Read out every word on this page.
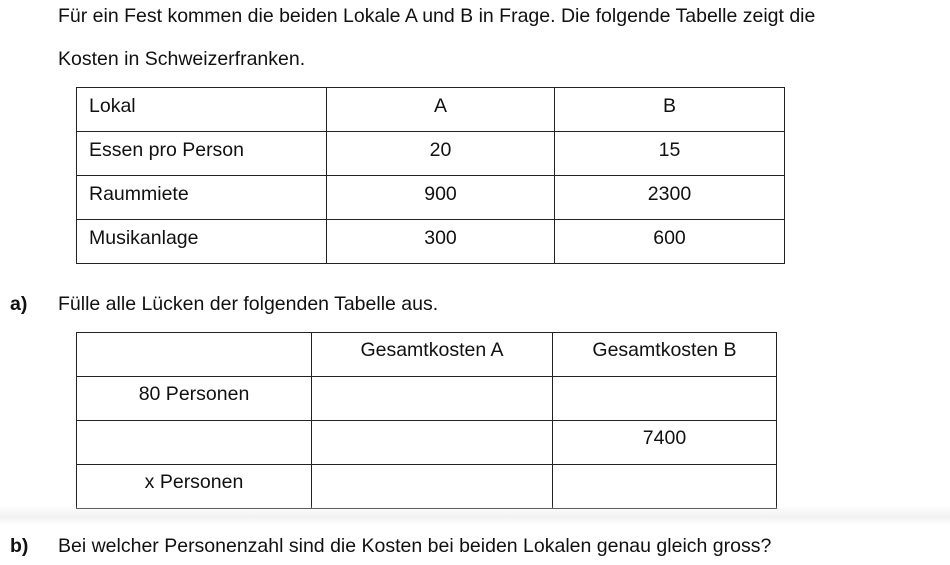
Für ein Fest kommen die beiden Lokale A und B in Frage. Die folgende Tabelle zeigt die
Kosten in Schweizerfranken.
Lokal	A	B
Essen pro Person	20	15
Raummiete	900	2300
Musikanlage	300	600
a) Fülle alle Lücken der folgenden Tabelle aus.
	Gesamtkosten A	Gesamtkosten B
80 Personen		
		7400
x Personen		
b) Bei welcher Personenzahl sind die Kosten bei beiden Lokalen genau gleich gross?
